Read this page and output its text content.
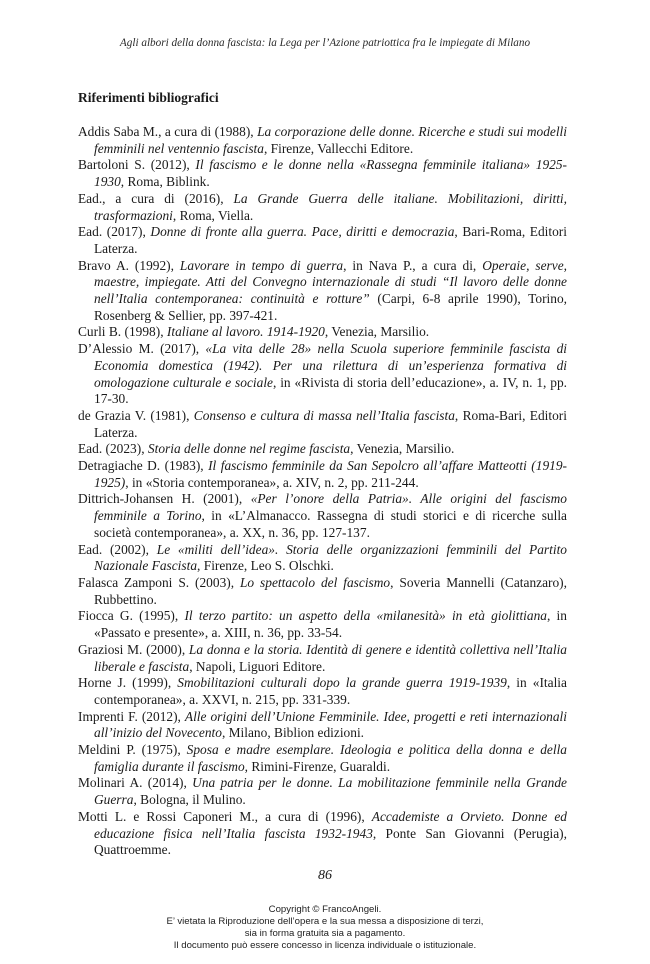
Agli albori della donna fascista: la Lega per l’Azione patriottica fra le impiegate di Milano
Riferimenti bibliografici
Addis Saba M., a cura di (1988), La corporazione delle donne. Ricerche e studi sui modelli femminili nel ventennio fascista, Firenze, Vallecchi Editore.
Bartoloni S. (2012), Il fascismo e le donne nella «Rassegna femminile italiana» 1925-1930, Roma, Biblink.
Ead., a cura di (2016), La Grande Guerra delle italiane. Mobilitazioni, diritti, trasformazioni, Roma, Viella.
Ead. (2017), Donne di fronte alla guerra. Pace, diritti e democrazia, Bari-Roma, Editori Laterza.
Bravo A. (1992), Lavorare in tempo di guerra, in Nava P., a cura di, Operaie, serve, maestre, impiegate. Atti del Convegno internazionale di studi “Il lavoro delle donne nell’Italia contemporanea: continuità e rotture” (Carpi, 6-8 aprile 1990), Torino, Rosenberg & Sellier, pp. 397-421.
Curli B. (1998), Italiane al lavoro. 1914-1920, Venezia, Marsilio.
D’Alessio M. (2017), «La vita delle 28» nella Scuola superiore femminile fascista di Economia domestica (1942). Per una rilettura di un’esperienza formativa di omologazione culturale e sociale, in «Rivista di storia dell’educazione», a. IV, n. 1, pp. 17-30.
de Grazia V. (1981), Consenso e cultura di massa nell’Italia fascista, Roma-Bari, Editori Laterza.
Ead. (2023), Storia delle donne nel regime fascista, Venezia, Marsilio.
Detragiache D. (1983), Il fascismo femminile da San Sepolcro all’affare Matteotti (1919-1925), in «Storia contemporanea», a. XIV, n. 2, pp. 211-244.
Dittrich-Johansen H. (2001), «Per l’onore della Patria». Alle origini del fascismo femminile a Torino, in «L’Almanacco. Rassegna di studi storici e di ricerche sulla società contemporanea», a. XX, n. 36, pp. 127-137.
Ead. (2002), Le «militi dell’idea». Storia delle organizzazioni femminili del Partito Nazionale Fascista, Firenze, Leo S. Olschki.
Falasca Zamponi S. (2003), Lo spettacolo del fascismo, Soveria Mannelli (Catanzaro), Rubbettino.
Fiocca G. (1995), Il terzo partito: un aspetto della «milanesità» in età giolittiana, in «Passato e presente», a. XIII, n. 36, pp. 33-54.
Graziosi M. (2000), La donna e la storia. Identità di genere e identità collettiva nell’Italia liberale e fascista, Napoli, Liguori Editore.
Horne J. (1999), Smobilitazioni culturali dopo la grande guerra 1919-1939, in «Italia contemporanea», a. XXVI, n. 215, pp. 331-339.
Imprenti F. (2012), Alle origini dell’Unione Femminile. Idee, progetti e reti internazionali all’inizio del Novecento, Milano, Biblion edizioni.
Meldini P. (1975), Sposa e madre esemplare. Ideologia e politica della donna e della famiglia durante il fascismo, Rimini-Firenze, Guaraldi.
Molinari A. (2014), Una patria per le donne. La mobilitazione femminile nella Grande Guerra, Bologna, il Mulino.
Motti L. e Rossi Caponeri M., a cura di (1996), Accademiste a Orvieto. Donne ed educazione fisica nell’Italia fascista 1932-1943, Ponte San Giovanni (Perugia), Quattroemme.
86
Copyright © FrancoAngeli.
E’ vietata la Riproduzione dell’opera e la sua messa a disposizione di terzi,
sia in forma gratuita sia a pagamento.
Il documento può essere concesso in licenza individuale o istituzionale.
